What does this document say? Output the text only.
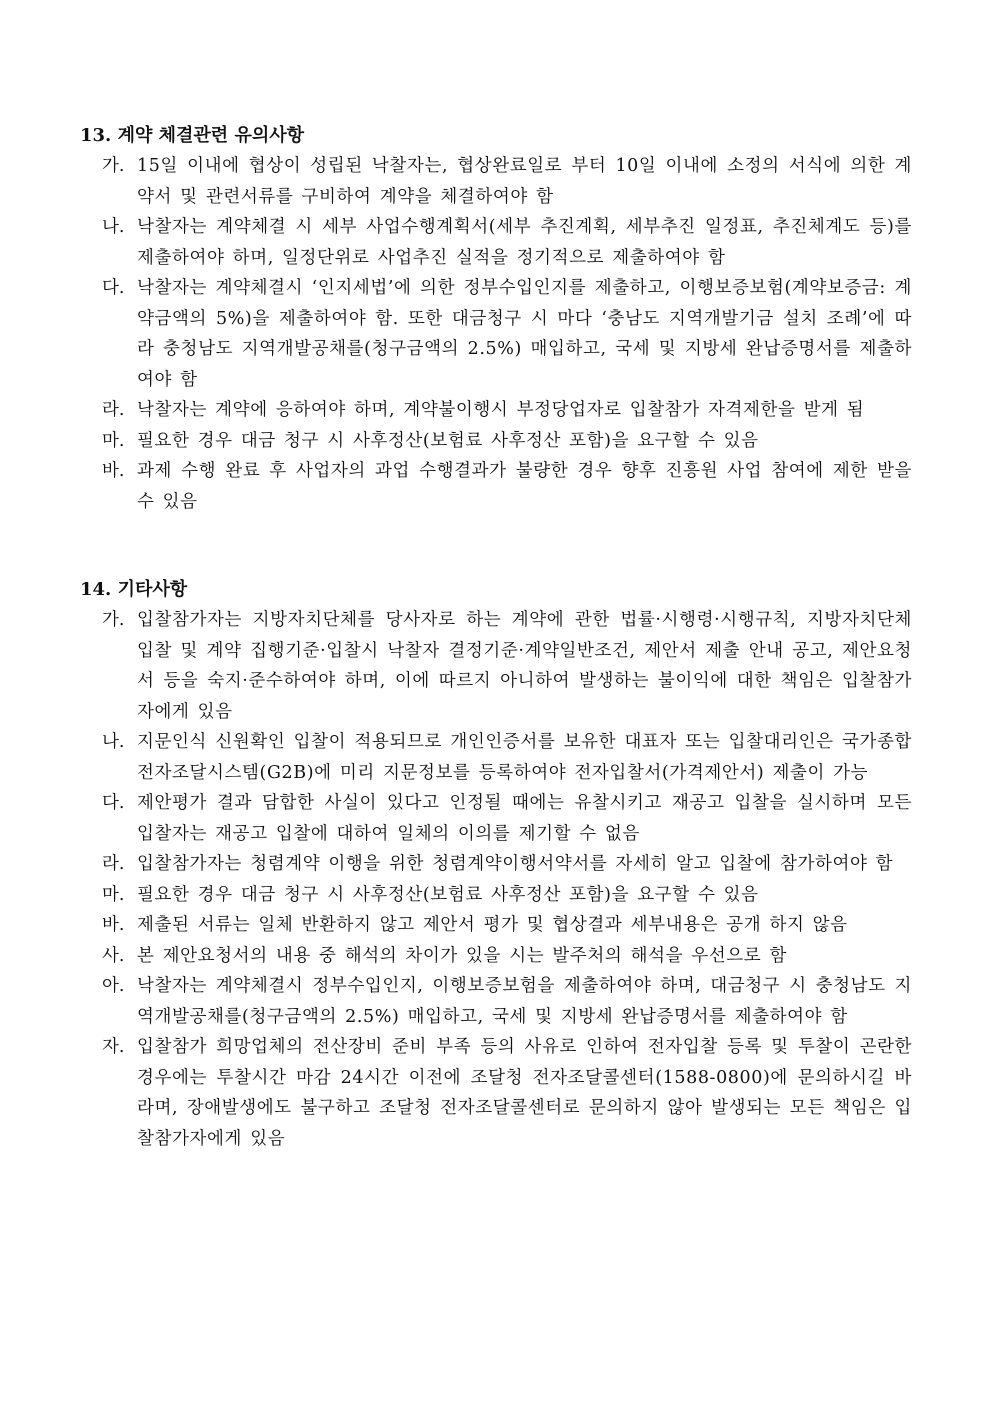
13. 계약 체결관련 유의사항
가. 15일 이내에 협상이 성립된 낙찰자는, 협상완료일로 부터 10일 이내에 소정의 서식에 의한 계약서 및 관련서류를 구비하여 계약을 체결하여야 함
나. 낙찰자는 계약체결 시 세부 사업수행계획서(세부 추진계획, 세부추진 일정표, 추진체계도 등)를 제출하여야 하며, 일정단위로 사업추진 실적을 정기적으로 제출하여야 함
다. 낙찰자는 계약체결시 ‘인지세법’에 의한 정부수입인지를 제출하고, 이행보증보험(계약보증금: 계약금액의 5%)을 제출하여야 함. 또한 대금청구 시 마다 ‘충남도 지역개발기금 설치 조례’에 따라 충청남도 지역개발공채를(청구금액의 2.5%) 매입하고, 국세 및 지방세 완납증명서를 제출하여야 함
라. 낙찰자는 계약에 응하여야 하며, 계약불이행시 부정당업자로 입찰참가 자격제한을 받게 됨
마. 필요한 경우 대금 청구 시 사후정산(보험료 사후정산 포함)을 요구할 수 있음
바. 과제 수행 완료 후 사업자의 과업 수행결과가 불량한 경우 향후 진흥원 사업 참여에 제한 받을 수 있음
14. 기타사항
가. 입찰참가자는 지방자치단체를 당사자로 하는 계약에 관한 법률·시행령·시행규칙, 지방자치단체 입찰 및 계약 집행기준·입찰시 낙찰자 결정기준·계약일반조건, 제안서 제출 안내 공고, 제안요청서 등을 숙지·준수하여야 하며, 이에 따르지 아니하여 발생하는 불이익에 대한 책임은 입찰참가자에게 있음
나. 지문인식 신원확인 입찰이 적용되므로 개인인증서를 보유한 대표자 또는 입찰대리인은 국가종합전자조달시스템(G2B)에 미리 지문정보를 등록하여야 전자입찰서(가격제안서) 제출이 가능
다. 제안평가 결과 담합한 사실이 있다고 인정될 때에는 유찰시키고 재공고 입찰을 실시하며 모든 입찰자는 재공고 입찰에 대하여 일체의 이의를 제기할 수 없음
라. 입찰참가자는 청렴계약 이행을 위한 청렴계약이행서약서를 자세히 알고 입찰에 참가하여야 함
마. 필요한 경우 대금 청구 시 사후정산(보험료 사후정산 포함)을 요구할 수 있음
바. 제출된 서류는 일체 반환하지 않고 제안서 평가 및 협상결과 세부내용은 공개 하지 않음
사. 본 제안요청서의 내용 중 해석의 차이가 있을 시는 발주처의 해석을 우선으로 함
아. 낙찰자는 계약체결시 정부수입인지, 이행보증보험을 제출하여야 하며, 대금청구 시 충청남도 지역개발공채를(청구금액의 2.5%) 매입하고, 국세 및 지방세 완납증명서를 제출하여야 함
자. 입찰참가 희망업체의 전산장비 준비 부족 등의 사유로 인하여 전자입찰 등록 및 투찰이 곤란한 경우에는 투찰시간 마감 24시간 이전에 조달청 전자조달콜센터(1588-0800)에 문의하시길 바라며, 장애발생에도 불구하고 조달청 전자조달콜센터로 문의하지 않아 발생되는 모든 책임은 입찰참가자에게 있음
